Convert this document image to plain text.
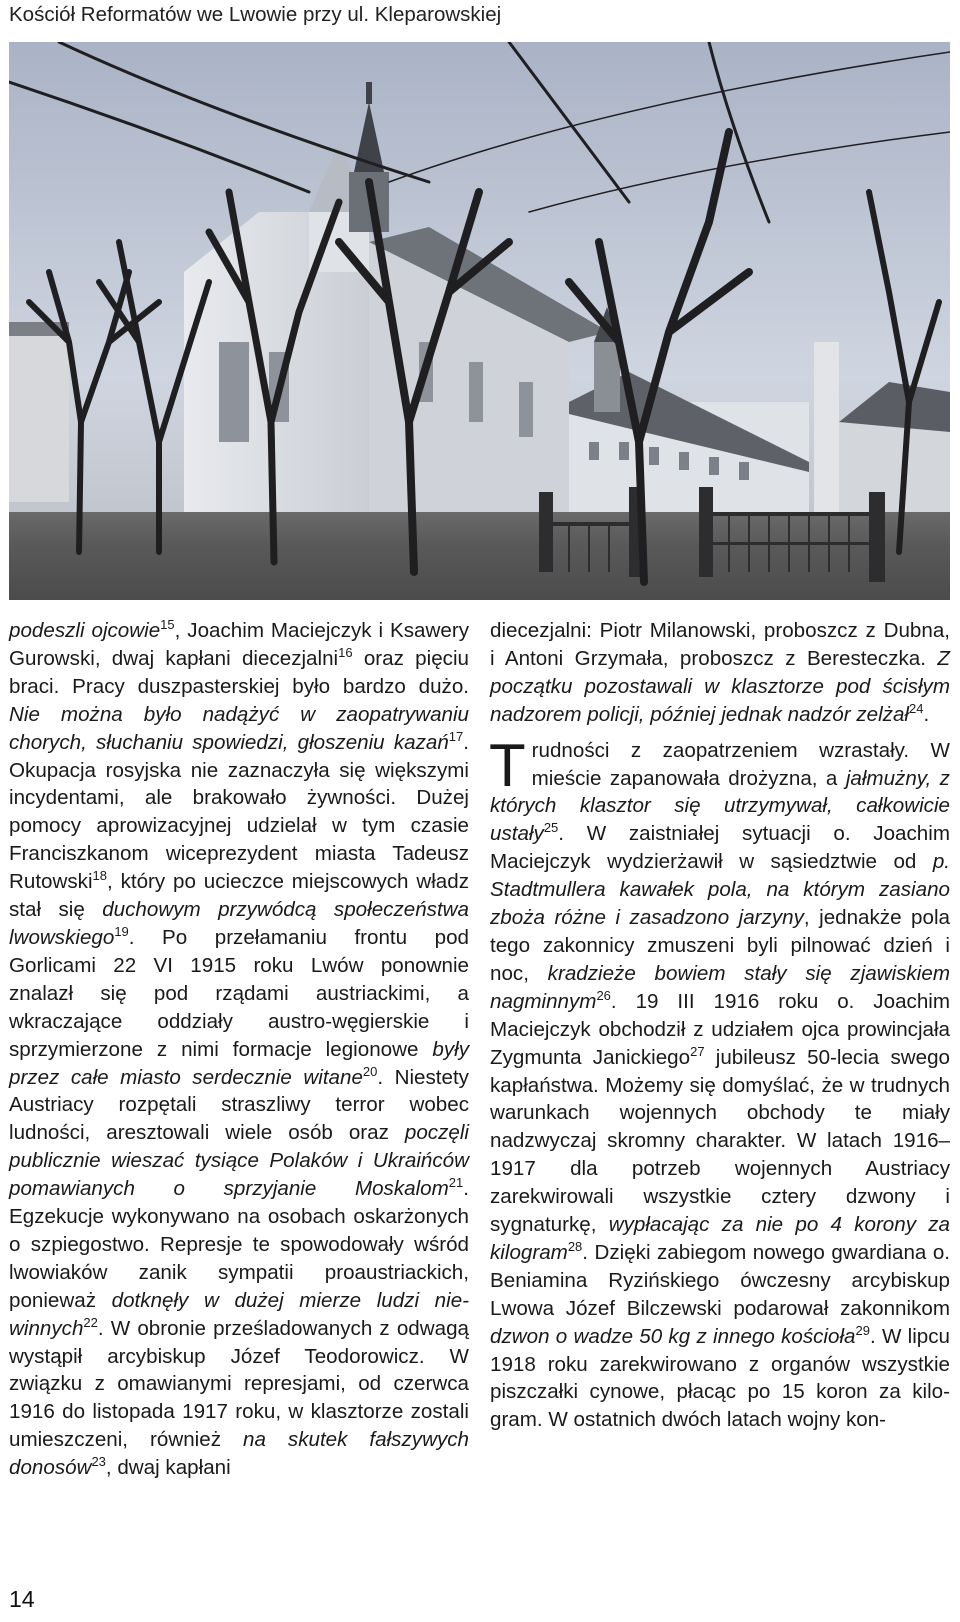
Kościół Reformatów we Lwowie przy ul. Kleparowskiej

podeszli ojcowie$^{15}$, Joachim Maciejczyk i Ksawery Gurowski, dwaj kapłani diecezjalni$^{16}$ oraz pięciu braci. Pracy duszpasterskiej było bardzo dużo. Nie można było nadążyć w zaopatrywaniu chorych, słuchaniu spowiedzi, głoszeniu kazań$^{17}$. Okupacja rosyjska nie zaznaczyła się większymi incydentami, ale brakowało żywności. Dużej pomocy aprowizacyjnej udzielał w tym czasie Franciszkanom wiceprezydent miasta Tadeusz Rutowski$^{18}$, który po ucieczce miejscowych władz stał się duchowym przywódcą społeczeństwa lwowskiego$^{19}$. Po przełamaniu frontu pod Gorlicami 22 VI 1915 roku Lwów ponownie znalazł się pod rządami austriackimi, a wkraczające oddziały austro-węgierskie i sprzymierzone z nimi formacje legionowe były przez całe miasto serdecznie witane$^{20}$. Niestety Austriacy rozpętali straszliwy terror wobec ludności, aresztowali wiele osób oraz poczęli publicznie wieszać tysiące Polaków i Ukraińców pomawianych o sprzyjanie Moskalom$^{21}$. Egzekucje wykonywano na osobach oskarżonych o szpiegostwo. Represje te spowodowały wśród lwowiaków zanik sympatii proaustriackich, ponieważ dotknęły w dużej mierze ludzi niewinnych$^{22}$. W obronie prześladowanych z odwagą wystąpił arcybiskup Józef Teodorowicz. W związku z omawianymi represjami, od czerwca 1916 do listopada 1917 roku, w klasztorze zostali umieszczeni, również na skutek fałszywych donosów$^{23}$, dwaj kapłani

diecezjalni: Piotr Milanowski, proboszcz z Dubna, i Antoni Grzymała, proboszcz z Beresteczka. Z początku pozostawali w klasztorze pod ścisłym nadzorem policji, później jednak nadzór zelżał$^{24}$.

T rudności z zaopatrzeniem wzrastały. W mieście zapanowała drożyzna, a jałmużny, z których klasztor się utrzymywał, całkowicie ustały$^{25}$. W zaistniałej sytuacji o. Joachim Maciejczyk wydzierżawił w sąsiedztwie od p. Stadtmullera kawałek pola, na którym zasiano zboża różne i zasadzono jarzyny, jednakże pola tego zakonnicy zmuszeni byli pilnować dzień i noc, kradzieże bowiem stały się zjawiskiem nagminnym$^{26}$. 19 III 1916 roku o. Joachim Maciejczyk obchodził z udziałem ojca prowincjała Zygmunta Janickiego$^{27}$ jubileusz 50-lecia swego kapłaństwa. Możemy się domyślać, że w trudnych warunkach wojennych obchody te miały nadzwyczaj skromny charakter. W latach 1916–1917 dla potrzeb wojennych Austriacy zarekwirowali wszystkie cztery dzwony i sygnaturkę, wypłacając za nie po 4 korony za kilogram$^{28}$. Dzięki zabiegom nowego gwardiana o. Beniamina Ryzińskiego ówczesny arcybiskup Lwowa Józef Bilczewski podarował zakonnikom dzwon o wadze 50 kg z innego kościoła$^{29}$. W lipcu 1918 roku zarekwirowano z organów wszystkie piszczałki cynowe, płacąc po 15 koron za kilogram. W ostatnich dwóch latach wojny kon-

14
